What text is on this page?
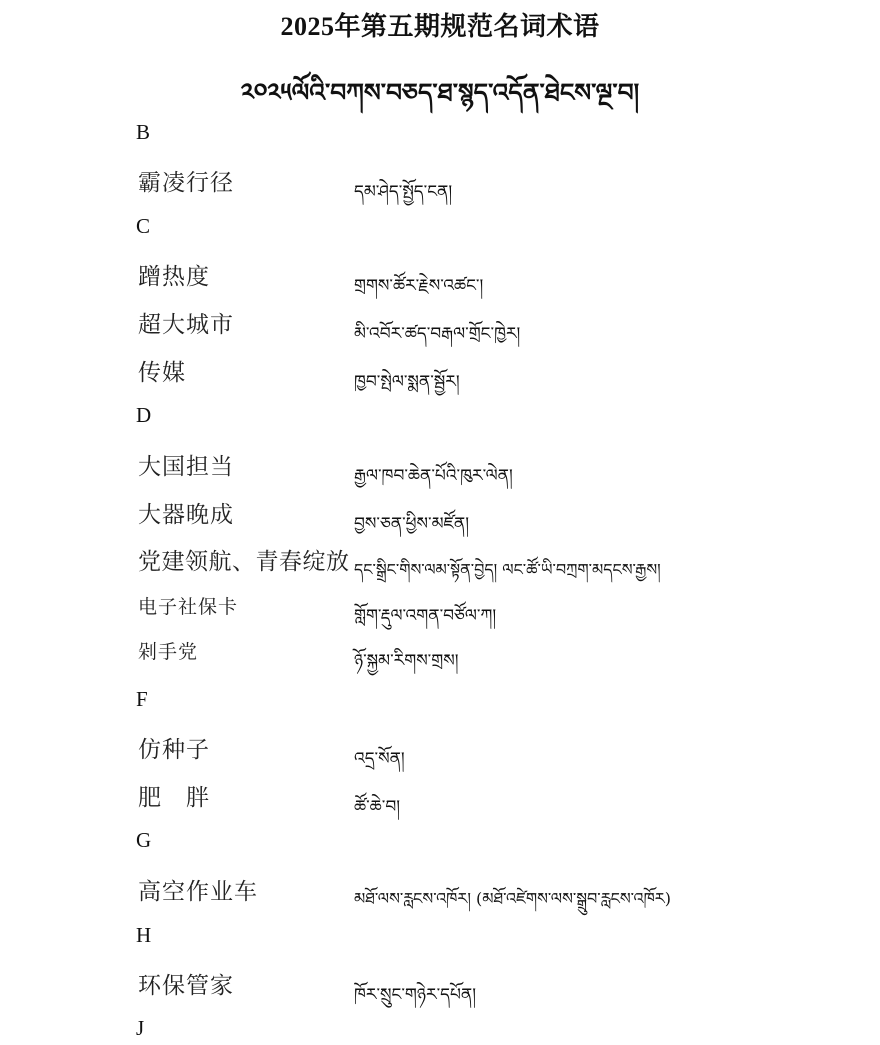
2025年第五期规范名词术语
༢༠༢༥ལོའི་བཀས་བཅད་ཐ་སྙད་འདོན་ཐེངས་ལྔ་བ།
B
霸凌行径	དམ་ཤེད་སྤྱོད་ངན།
C
蹭热度	གྲགས་ཚོར་རྗེས་འཚང་།
超大城市	མི་འབོར་ཚད་བརྒལ་གྲོང་ཁྱེར།
传媒	ཁྱབ་སྤེལ་སྨན་སྦྱོར།
D
大国担当	རྒྱལ་ཁབ་ཆེན་པོའི་ཁུར་ལེན།
大器晚成	བྱས་ཅན་ཕྱིས་མཛོན།
党建领航、青春绽放 དང་སྒྲིང་གིས་ལམ་སྟོན་བྱེད། ལང་ཚོ་ཡི་བཀྲག་མདངས་རྒྱས།
电子社保卡	གློག་རྡུལ་འགན་བཙོལ་ཀ།
剁手党	ཉོ་སྐྱམ་རིགས་གྲས།
F
仿种子	འདྲ་སོན།
肥　胖	ཚོ་ཆེ་བ།
G
高空作业车	མཐོ་ལས་རླངས་འཁོར། (མཐོ་འཛེགས་ལས་སྒྲུབ་རླངས་འཁོར)
H
环保管家	ཁོར་སྲུང་གཉེར་དཔོན།
J
